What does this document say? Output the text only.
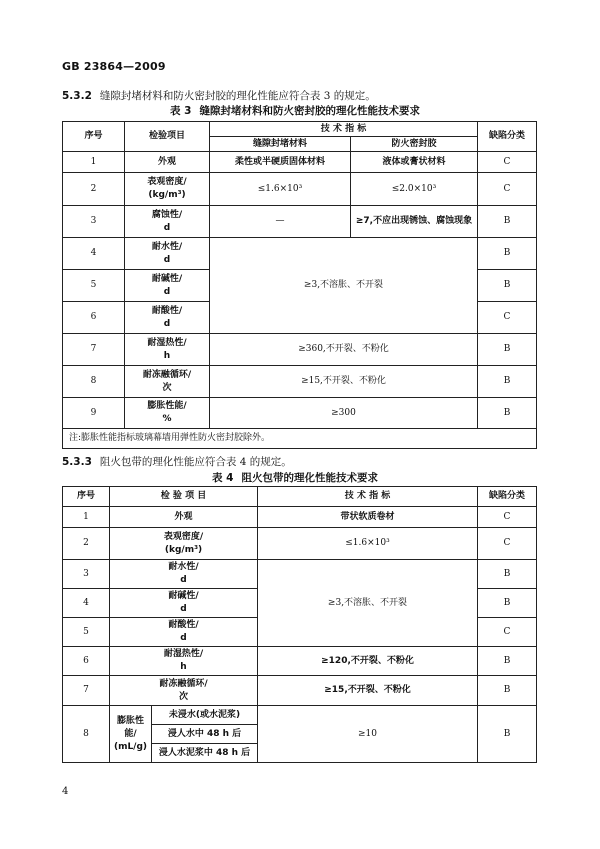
GB 23864—2009
5.3.2 缝隙封堵材料和防火密封胶的理化性能应符合表 3 的规定。
表 3 缝隙封堵材料和防火密封胶的理化性能技术要求
序号	检验项目	技 术 指 标		缺陷分类
		缝隙封堵材料	防火密封胶	
1	外观	柔性或半硬质固体材料	液体或膏状材料	C
2	表观密度/
(kg/m³)	≤1.6×10³	≤2.0×10³	C
3	腐蚀性/
d	—	≥7,不应出现锈蚀、腐蚀现象	B
4	耐水性/
d	≥3,不溶胀、不开裂		B
5	耐碱性/
d			B
6	耐酸性/
d			C
7	耐湿热性/
h	≥360,不开裂、不粉化		B
8	耐冻融循环/
次	≥15,不开裂、不粉化		B
9	膨胀性能/
%	≥300		B
注:膨胀性能指标玻璃幕墙用弹性防火密封胶除外。				
5.3.3 阻火包带的理化性能应符合表 4 的规定。
表 4 阻火包带的理化性能技术要求
序号	检 验 项 目		技 术 指 标	缺陷分类
1	外观		带状软质卷材	C
2	表观密度/
(kg/m³)		≤1.6×10³	C
3	耐水性/
d		≥3,不溶胀、不开裂	B
4	耐碱性/
d			B
5	耐酸性/
d			C
6	耐湿热性/
h		≥120,不开裂、不粉化	B
7	耐冻融循环/
次		≥15,不开裂、不粉化	B
8	膨胀性能/
(mL/g)	未浸水(或水泥浆)	≥10	B
		浸人水中 48 h 后		
		浸人水泥浆中 48 h 后		
4
